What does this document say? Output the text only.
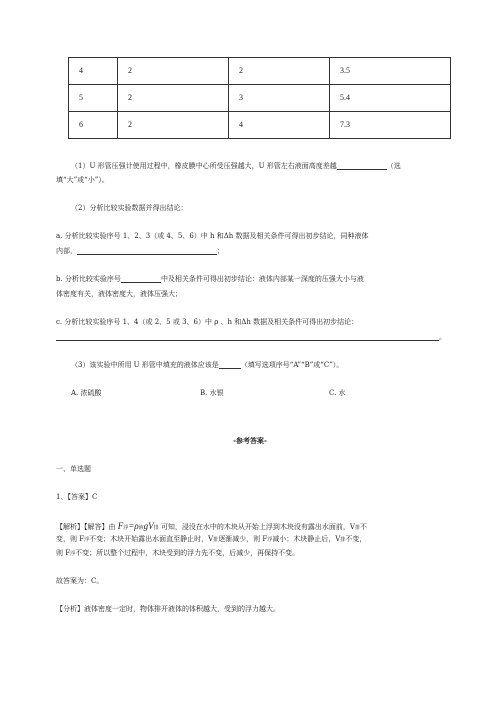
4	2	2	3.5
5	2	3	5.4
6	2	4	7.3
（1）U 形管压强计使用过程中，橡皮膜中心所受压强越大，U 形管左右液面高度差越	（选
填“大”或“小”）。
（2）分析比较实验数据并得出结论：
a. 分析比较实验序号 1、2、3（或 4、5、6）中 h 和Δh 数据及相关条件可得出初步结论，同种液体
内部，	；
b. 分析比较实验序号	中及相关条件可得出初步结论：液体内部某一深度的压强大小与液
体密度有关，液体密度大，液体压强大；
c. 分析比较实验序号 1、4（或 2、5 或 3、6）中 ρ 、h 和Δh 数据及相关条件可得出初步结论：
。
（3）该实验中所用 U 形管中填充的液体应该是	（填写选项序号“A”“B”或“C”）。
A. 浓硫酸	B. 水银	C. 水
-参考答案-
一、单选题
1、【答案】C
【解析】【解答】由 F浮=ρ液gV排 可知，浸没在水中的木块从开始上浮到木块没有露出水面前，V排不
变，则 F浮不变；木块开始露出水面直至静止时，V排逐渐减少，则 F浮减小；木块静止后，V排不变，
则 F浮不变；所以整个过程中，木块受到的浮力先不变，后减少，再保持不变。
故答案为：C。
【分析】液体密度一定时，物体排开液体的体积越大，受到的浮力越大。
